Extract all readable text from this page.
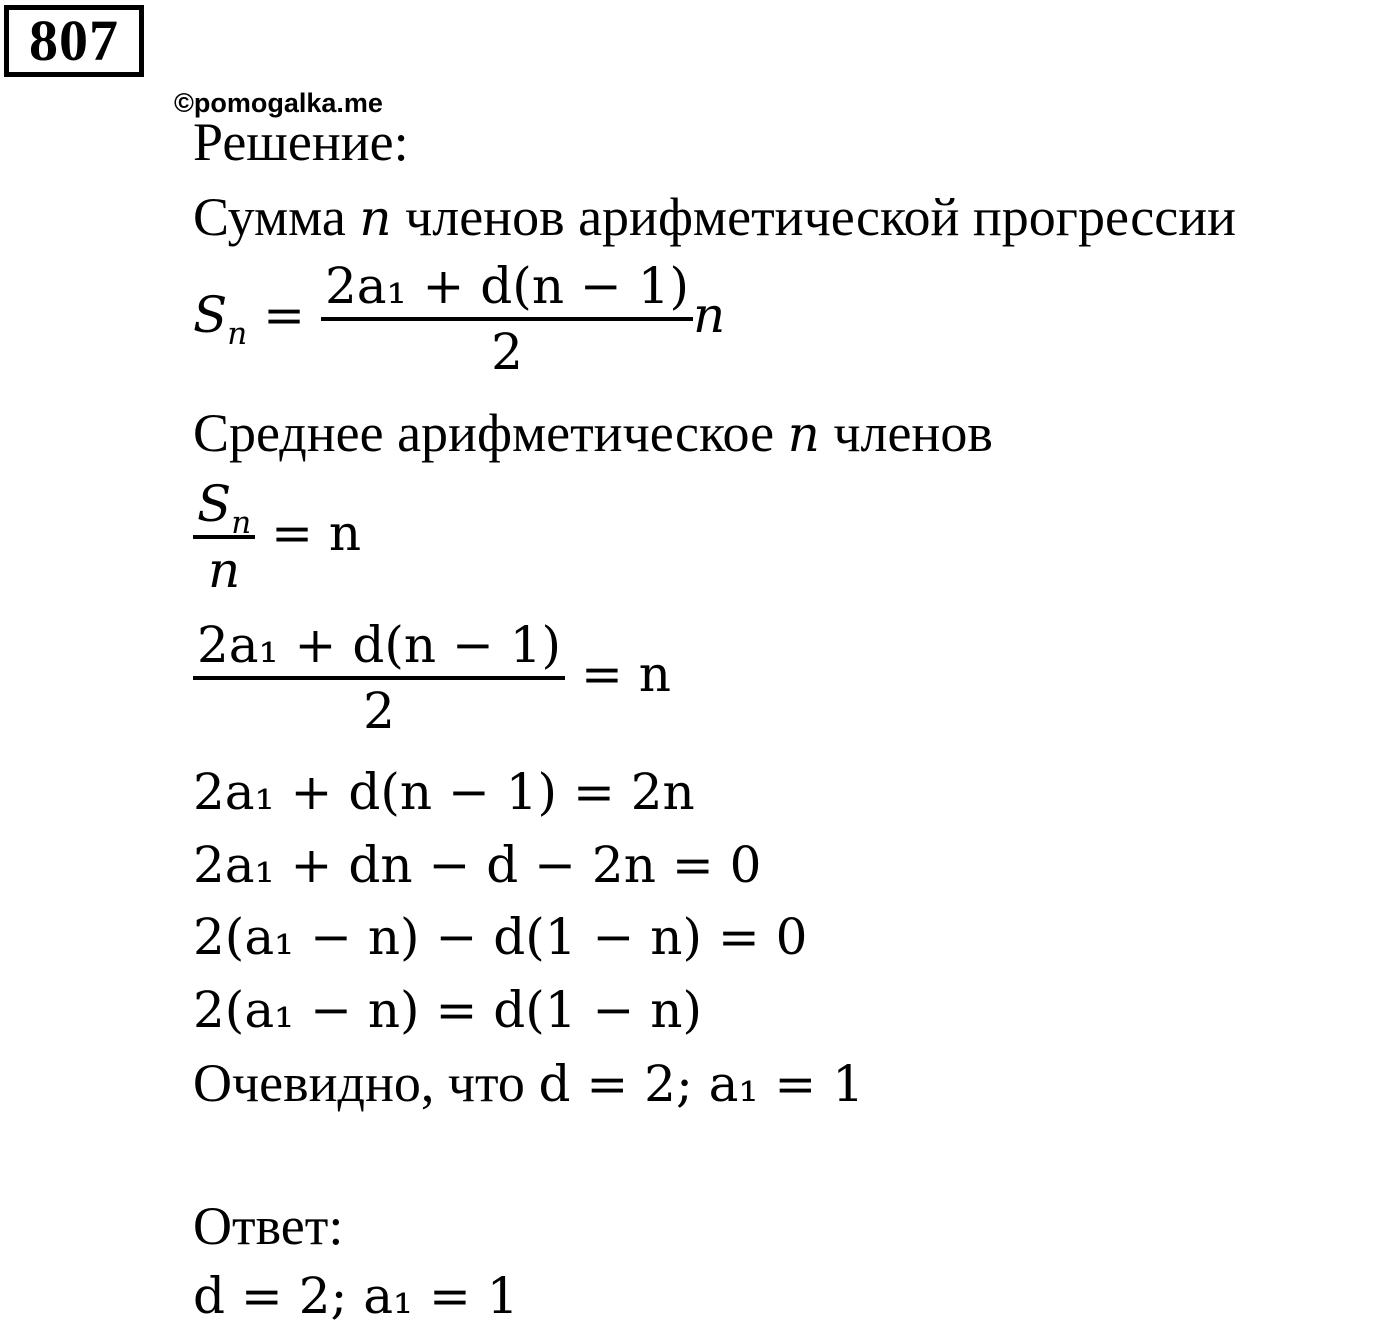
807
©pomogalka.me
Решение:
Сумма n членов арифметической прогрессии
$S_n = \frac{\text{2a₁ + d(n − 1)}}{2}$ n
Среднее арифметическое n членов
$\frac{S_n}{n} = n$
$\frac{\text{2a₁ + d(n − 1)}}{2} = n$
2a₁ + d(n − 1) = 2n
2a₁ + dn − d − 2n = 0
2(a₁ − n) − d(1 − n) = 0
2(a₁ − n) = d(1 − n)
Очевидно, что d = 2; a₁ = 1
Ответ:
d = 2; a₁ = 1
